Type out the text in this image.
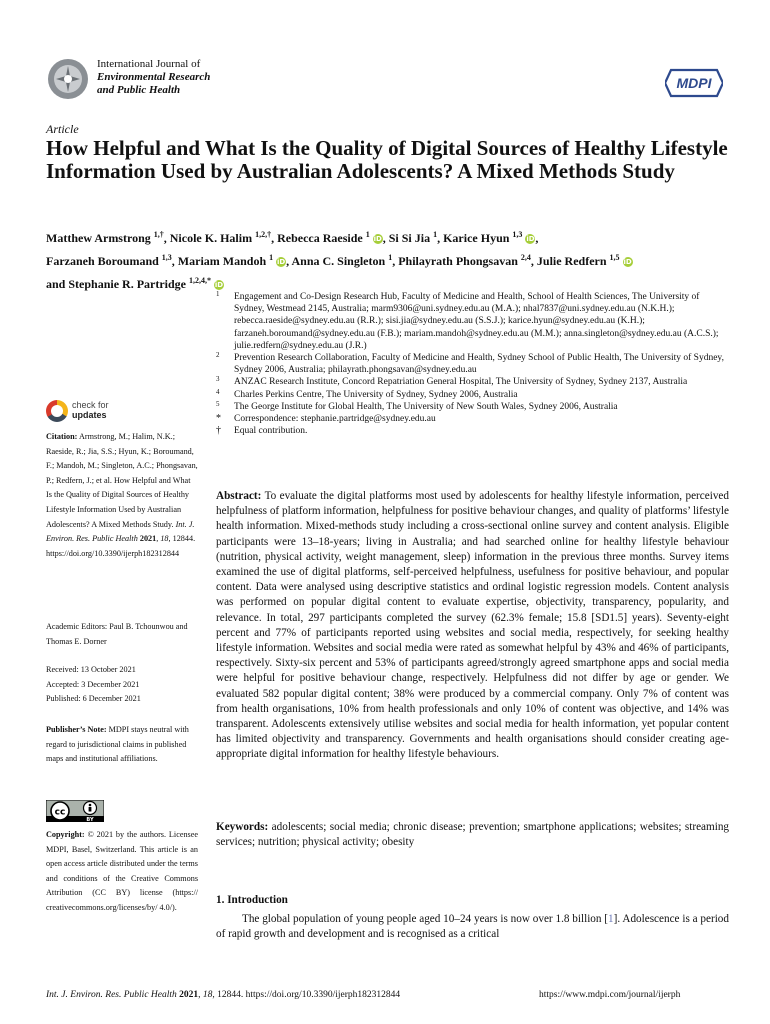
International Journal of
Environmental Research
and Public Health	MDPI
Article
How Helpful and What Is the Quality of Digital Sources of Healthy Lifestyle Information Used by Australian Adolescents? A Mixed Methods Study
Matthew Armstrong $^{1,\dagger}$, Nicole K. Halim $^{1,2,\dagger}$, Rebecca Raeside $^1$ iD, Si Si Jia $^1$, Karice Hyun $^{1,3}$ iD,
Farzaneh Boroumand $^{1,3}$, Mariam Mandoh $^1$ iD, Anna C. Singleton $^1$, Philayrath Phongsavan $^{2,4}$, Julie Redfern $^{1,5}$ iD
and Stephanie R. Partridge $^{1,2,4,*}$ iD
1 Engagement and Co-Design Research Hub, Faculty of Medicine and Health, School of Health Sciences, The University of Sydney, Westmead 2145, Australia; marm9306@uni.sydney.edu.au (M.A.); nhal7837@uni.sydney.edu.au (N.K.H.); rebecca.raeside@sydney.edu.au (R.R.); sisi.jia@sydney.edu.au (S.S.J.); karice.hyun@sydney.edu.au (K.H.); farzaneh.boroumand@sydney.edu.au (F.B.); mariam.mandoh@sydney.edu.au (M.M.); anna.singleton@sydney.edu.au (A.C.S.); julie.redfern@sydney.edu.au (J.R.)
2 Prevention Research Collaboration, Faculty of Medicine and Health, Sydney School of Public Health, The University of Sydney, Sydney 2006, Australia; philayrath.phongsavan@sydney.edu.au
3 ANZAC Research Institute, Concord Repatriation General Hospital, The University of Sydney, Sydney 2137, Australia
4 Charles Perkins Centre, The University of Sydney, Sydney 2006, Australia
5 The George Institute for Global Health, The University of New South Wales, Sydney 2006, Australia
* Correspondence: stephanie.partridge@sydney.edu.au
† Equal contribution.
check for
updates
Citation: Armstrong, M.; Halim, N.K.; Raeside, R.; Jia, S.S.; Hyun, K.; Boroumand, F.; Mandoh, M.; Singleton, A.C.; Phongsavan, P.; Redfern, J.; et al. How Helpful and What Is the Quality of Digital Sources of Healthy Lifestyle Information Used by Australian Adolescents? A Mixed Methods Study. Int. J. Environ. Res. Public Health 2021, 18, 12844. https://doi.org/10.3390/ijerph182312844
Academic Editors: Paul B. Tchounwou and Thomas E. Dorner
Received: 13 October 2021
Accepted: 3 December 2021
Published: 6 December 2021
Publisher’s Note: MDPI stays neutral with regard to jurisdictional claims in published maps and institutional affiliations.
cc
BY
Copyright: © 2021 by the authors. Licensee MDPI, Basel, Switzerland. This article is an open access article distributed under the terms and conditions of the Creative Commons Attribution (CC BY) license (https:// creativecommons.org/licenses/by/ 4.0/).
Abstract: To evaluate the digital platforms most used by adolescents for healthy lifestyle information, perceived helpfulness of platform information, helpfulness for positive behaviour changes, and quality of platforms’ lifestyle health information. Mixed-methods study including a cross-sectional online survey and content analysis. Eligible participants were 13–18-years; living in Australia; and had searched online for healthy lifestyle behaviour (nutrition, physical activity, weight management, sleep) information in the previous three months. Survey items examined the use of digital platforms, self-perceived helpfulness, usefulness for positive behaviour, and popular content. Data were analysed using descriptive statistics and ordinal logistic regression models. Content analysis was performed on popular digital content to evaluate expertise, objectivity, transparency, popularity, and relevance. In total, 297 participants completed the survey (62.3% female; 15.8 [SD1.5] years). Seventy-eight percent and 77% of participants reported using websites and social media, respectively, for seeking healthy lifestyle information. Websites and social media were rated as somewhat helpful by 43% and 46% of participants, respectively. Sixty-six percent and 53% of participants agreed/strongly agreed smartphone apps and social media were helpful for positive behaviour change, respectively. Helpfulness did not differ by age or gender. We evaluated 582 popular digital content; 38% were produced by a commercial company. Only 7% of content was from health organisations, 10% from health professionals and only 10% of content was objective, and 14% was transparent. Adolescents extensively utilise websites and social media for health information, yet popular content has limited objectivity and transparency. Governments and health organisations should consider creating age-appropriate digital information for healthy lifestyle behaviours.
Keywords: adolescents; social media; chronic disease; prevention; smartphone applications; websites; streaming services; nutrition; physical activity; obesity
1. Introduction
The global population of young people aged 10–24 years is now over 1.8 billion [1]. Adolescence is a period of rapid growth and development and is recognised as a critical
Int. J. Environ. Res. Public Health 2021, 18, 12844. https://doi.org/10.3390/ijerph182312844	https://www.mdpi.com/journal/ijerph
